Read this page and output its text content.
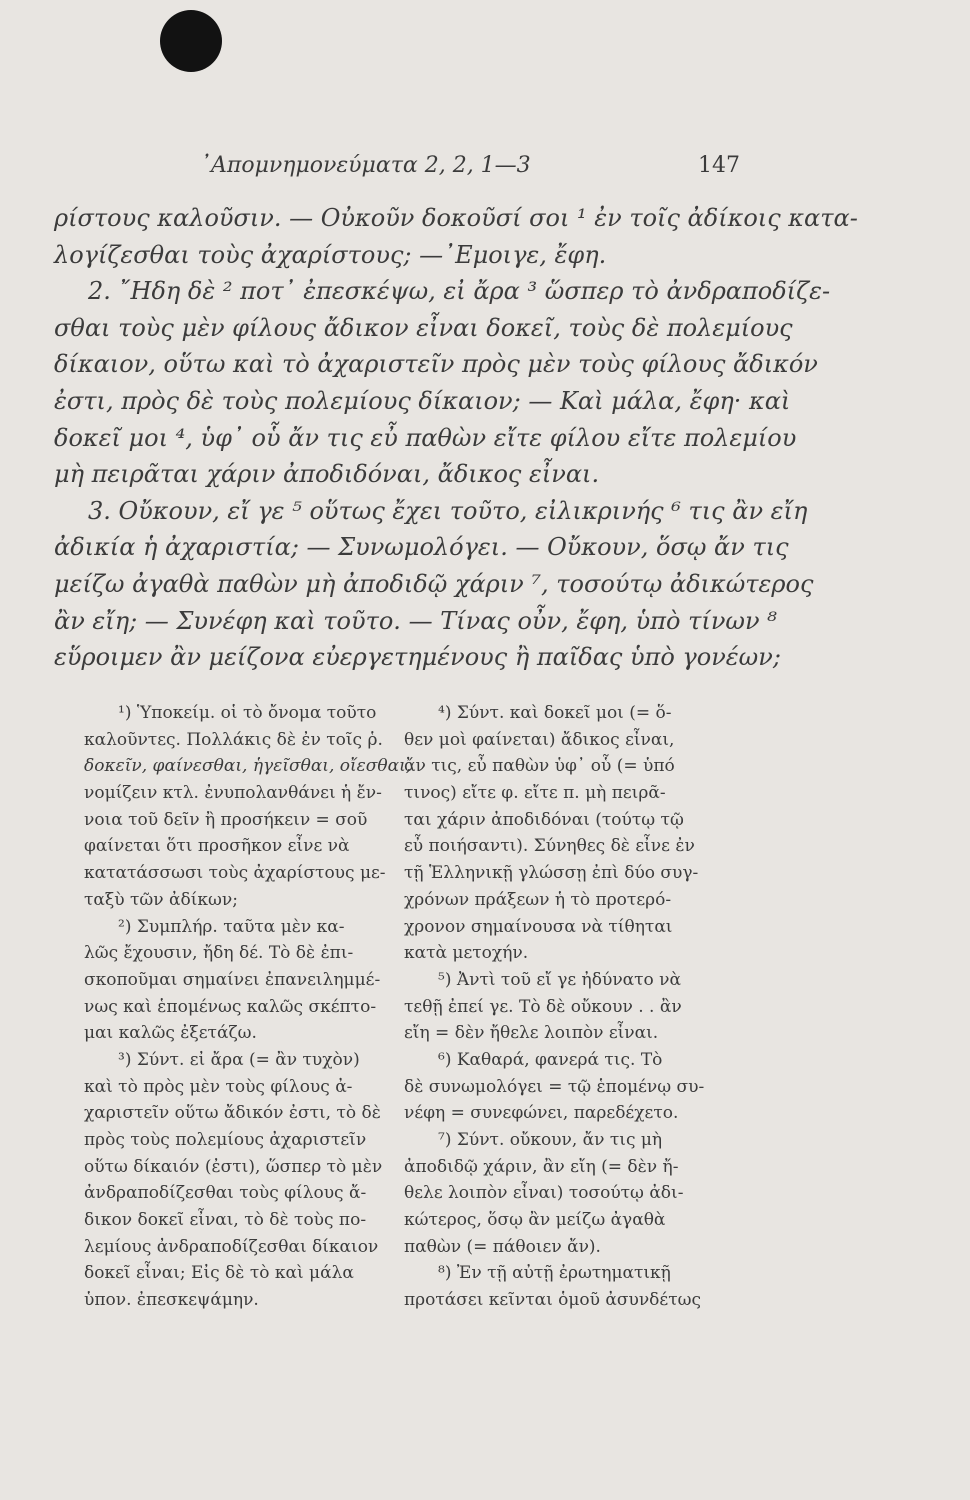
᾿Απομνημονεύματα 2, 2, 1—3	147
ρίστους καλοῦσιν. — Οὐκοῦν δοκοῦσί σοι ¹ ἐν τοῖς ἀδίκοις κατα-
λογίζεσθαι τοὺς ἀχαρίστους; —᾿Εμοιγε, ἔφη.
2. ῎Ηδη δὲ ² ποτ᾽ ἐπεσκέψω, εἰ ἄρα ³ ὥσπερ τὸ ἀνδραποδίζε-
σθαι τοὺς μὲν φίλους ἄδικον εἶναι δοκεῖ, τοὺς δὲ πολεμίους
δίκαιον, οὕτω καὶ τὸ ἀχαριστεῖν πρὸς μὲν τοὺς φίλους ἄδικόν
ἐστι, πρὸς δὲ τοὺς πολεμίους δίκαιον; — Καὶ μάλα, ἔφη· καὶ
δοκεῖ μοι ⁴, ὑφ᾽ οὗ ἄν τις εὖ παθὼν εἴτε φίλου εἴτε πολεμίου
μὴ πειρᾶται χάριν ἀποδιδόναι, ἄδικος εἶναι.
3. Οὔκουν, εἴ γε ⁵ οὕτως ἔχει τοῦτο, εἰλικρινής ⁶ τις ἂν εἴη
ἀδικία ἡ ἀχαριστία; — Συνωμολόγει. — Οὔκουν, ὅσῳ ἄν τις
μείζω ἀγαθὰ παθὼν μὴ ἀποδιδῷ χάριν ⁷, τοσούτῳ ἀδικώτερος
ἂν εἴη; — Συνέφη καὶ τοῦτο. — Τίνας οὖν, ἔφη, ὑπὸ τίνων ⁸
εὕροιμεν ἂν μείζονα εὐεργετημένους ἢ παῖδας ὑπὸ γονέων;
¹) Ὑποκείμ. οἱ τὸ ὄνομα τοῦτο
καλοῦντες. Πολλάκις δὲ ἐν τοῖς ῥ.
δοκεῖν, φαίνεσθαι, ἡγεῖσθαι, οἴεσθαι,
νομίζειν κτλ. ἐνυπολανθάνει ἡ ἔν-
νοια τοῦ δεῖν ἢ προσήκειν = σοῦ
φαίνεται ὅτι προσῆκον εἶνε νὰ
κατατάσσωσι τοὺς ἀχαρίστους με-
ταξὺ τῶν ἀδίκων;
²) Συμπλήρ. ταῦτα μὲν κα-
λῶς ἔχουσιν, ἤδη δέ. Τὸ δὲ ἐπι-
σκοποῦμαι σημαίνει ἐπανειλημμέ-
νως καὶ ἑπομένως καλῶς σκέπτο-
μαι καλῶς ἐξετάζω.
³) Σύντ. εἰ ἄρα (= ἂν τυχὸν)
καὶ τὸ πρὸς μὲν τοὺς φίλους ἀ-
χαριστεῖν οὕτω ἄδικόν ἐστι, τὸ δὲ
πρὸς τοὺς πολεμίους ἀχαριστεῖν
οὕτω δίκαιόν (ἐστι), ὥσπερ τὸ μὲν
ἀνδραποδίζεσθαι τοὺς φίλους ἄ-
δικον δοκεῖ εἶναι, τὸ δὲ τοὺς πο-
λεμίους ἀνδραποδίζεσθαι δίκαιον
δοκεῖ εἶναι; Εἰς δὲ τὸ καὶ μάλα
ὑπον. ἐπεσκεψάμην.
⁴) Σύντ. καὶ δοκεῖ μοι (= ὅ-
θεν μοὶ φαίνεται) ἄδικος εἶναι,
ἄν τις, εὖ παθὼν ὑφ᾽ οὗ (= ὑπό
τινος) εἴτε φ. εἴτε π. μὴ πειρᾶ-
ται χάριν ἀποδιδόναι (τούτῳ τῷ
εὖ ποιήσαντι). Σύνηθες δὲ εἶνε ἐν
τῇ Ἑλληνικῇ γλώσσῃ ἐπὶ δύο συγ-
χρόνων πράξεων ἡ τὸ προτερό-
χρονον σημαίνουσα νὰ τίθηται
κατὰ μετοχήν.
⁵) Ἀντὶ τοῦ εἴ γε ἠδύνατο νὰ
τεθῇ ἐπεί γε. Τὸ δὲ οὔκουν . . ἂν
εἴη = δὲν ἤθελε λοιπὸν εἶναι.
⁶) Καθαρά, φανερά τις. Τὸ
δὲ συνωμολόγει = τῷ ἑπομένῳ συ-
νέφη = συνεφώνει, παρεδέχετο.
⁷) Σύντ. οὔκουν, ἄν τις μὴ
ἀποδιδῷ χάριν, ἂν εἴη (= δὲν ἤ-
θελε λοιπὸν εἶναι) τοσούτῳ ἀδι-
κώτερος, ὅσῳ ἂν μείζω ἀγαθὰ
παθὼν (= πάθοιεν ἄν).
⁸) Ἐν τῇ αὐτῇ ἐρωτηματικῇ
προτάσει κεῖνται ὁμοῦ ἀσυνδέτως
